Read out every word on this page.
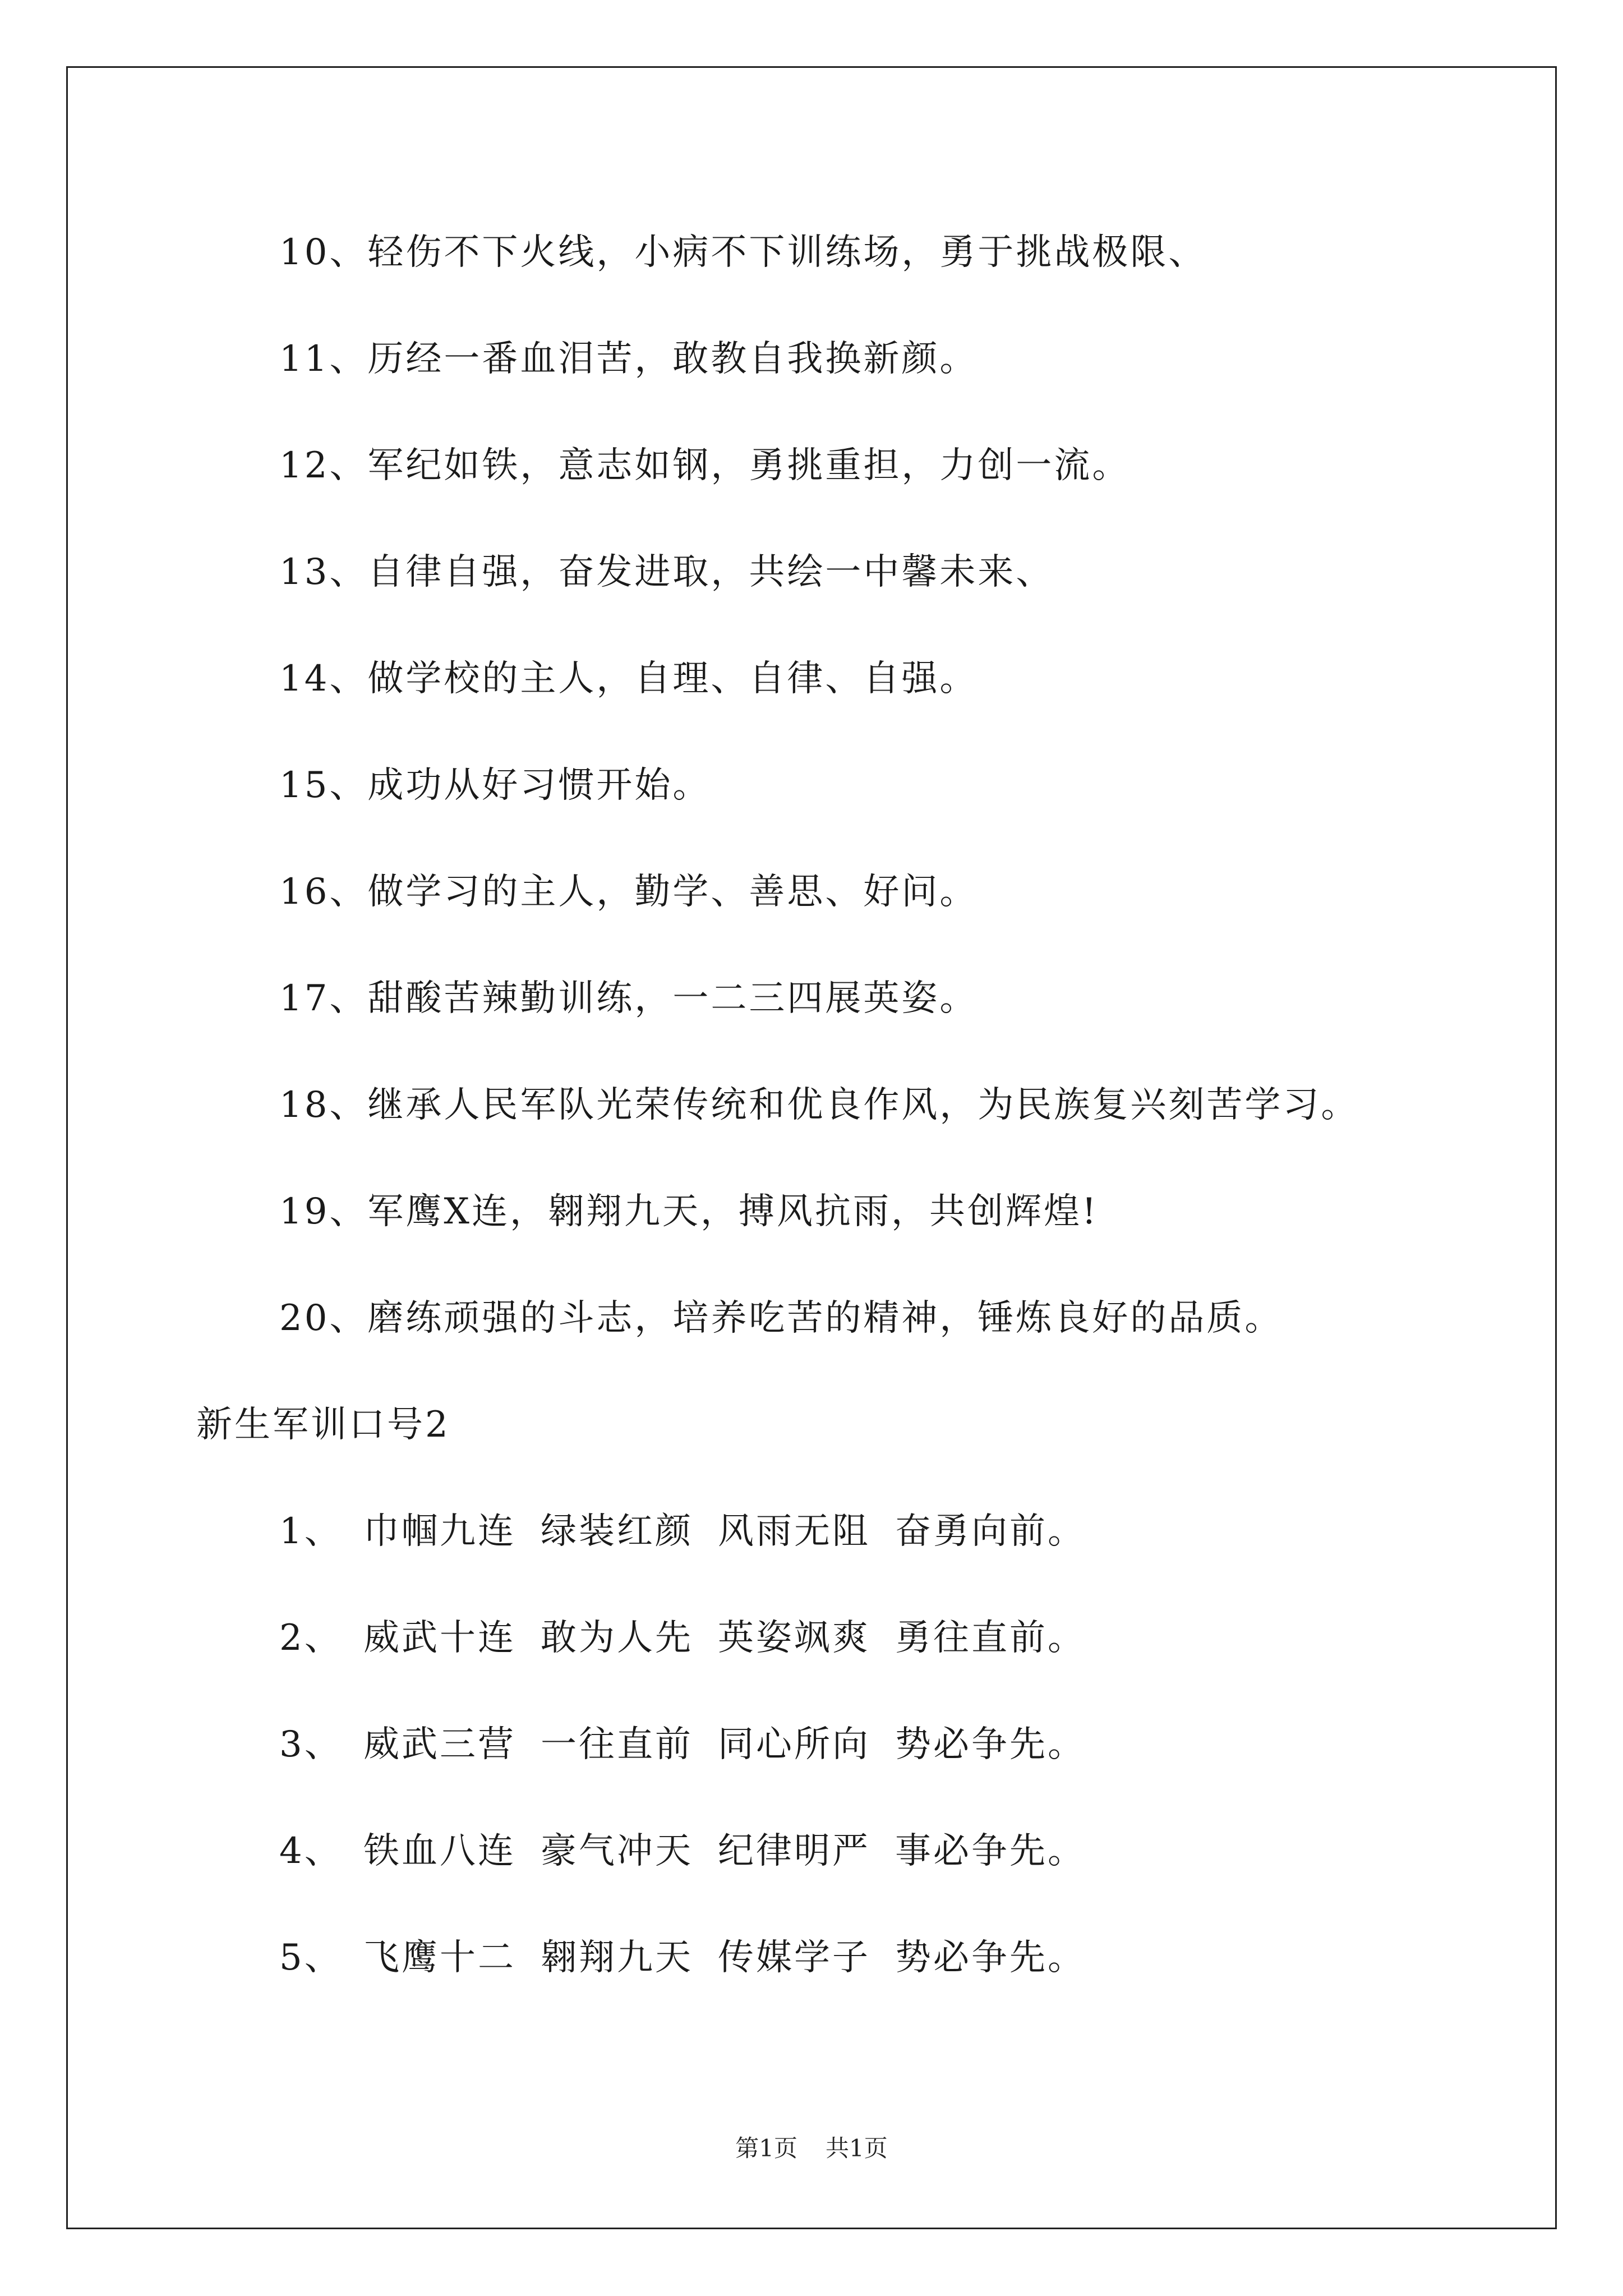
10、轻伤不下火线，小病不下训练场，勇于挑战极限、
11、历经一番血泪苦，敢教自我换新颜。
12、军纪如铁，意志如钢，勇挑重担，力创一流。
13、自律自强，奋发进取，共绘一中馨未来、
14、做学校的主人，自理、自律、自强。
15、成功从好习惯开始。
16、做学习的主人，勤学、善思、好问。
17、甜酸苦辣勤训练，一二三四展英姿。
18、继承人民军队光荣传统和优良作风，为民族复兴刻苦学习。
19、军鹰X连，翱翔九天，搏风抗雨，共创辉煌!
20、磨练顽强的斗志，培养吃苦的精神，锤炼良好的品质。
新生军训口号2
1、 巾帼九连 绿装红颜 风雨无阻 奋勇向前。
2、 威武十连 敢为人先 英姿飒爽 勇往直前。
3、 威武三营 一往直前 同心所向 势必争先。
4、 铁血八连 豪气冲天 纪律明严 事必争先。
5、 飞鹰十二 翱翔九天 传媒学子 势必争先。
第1页 共1页
